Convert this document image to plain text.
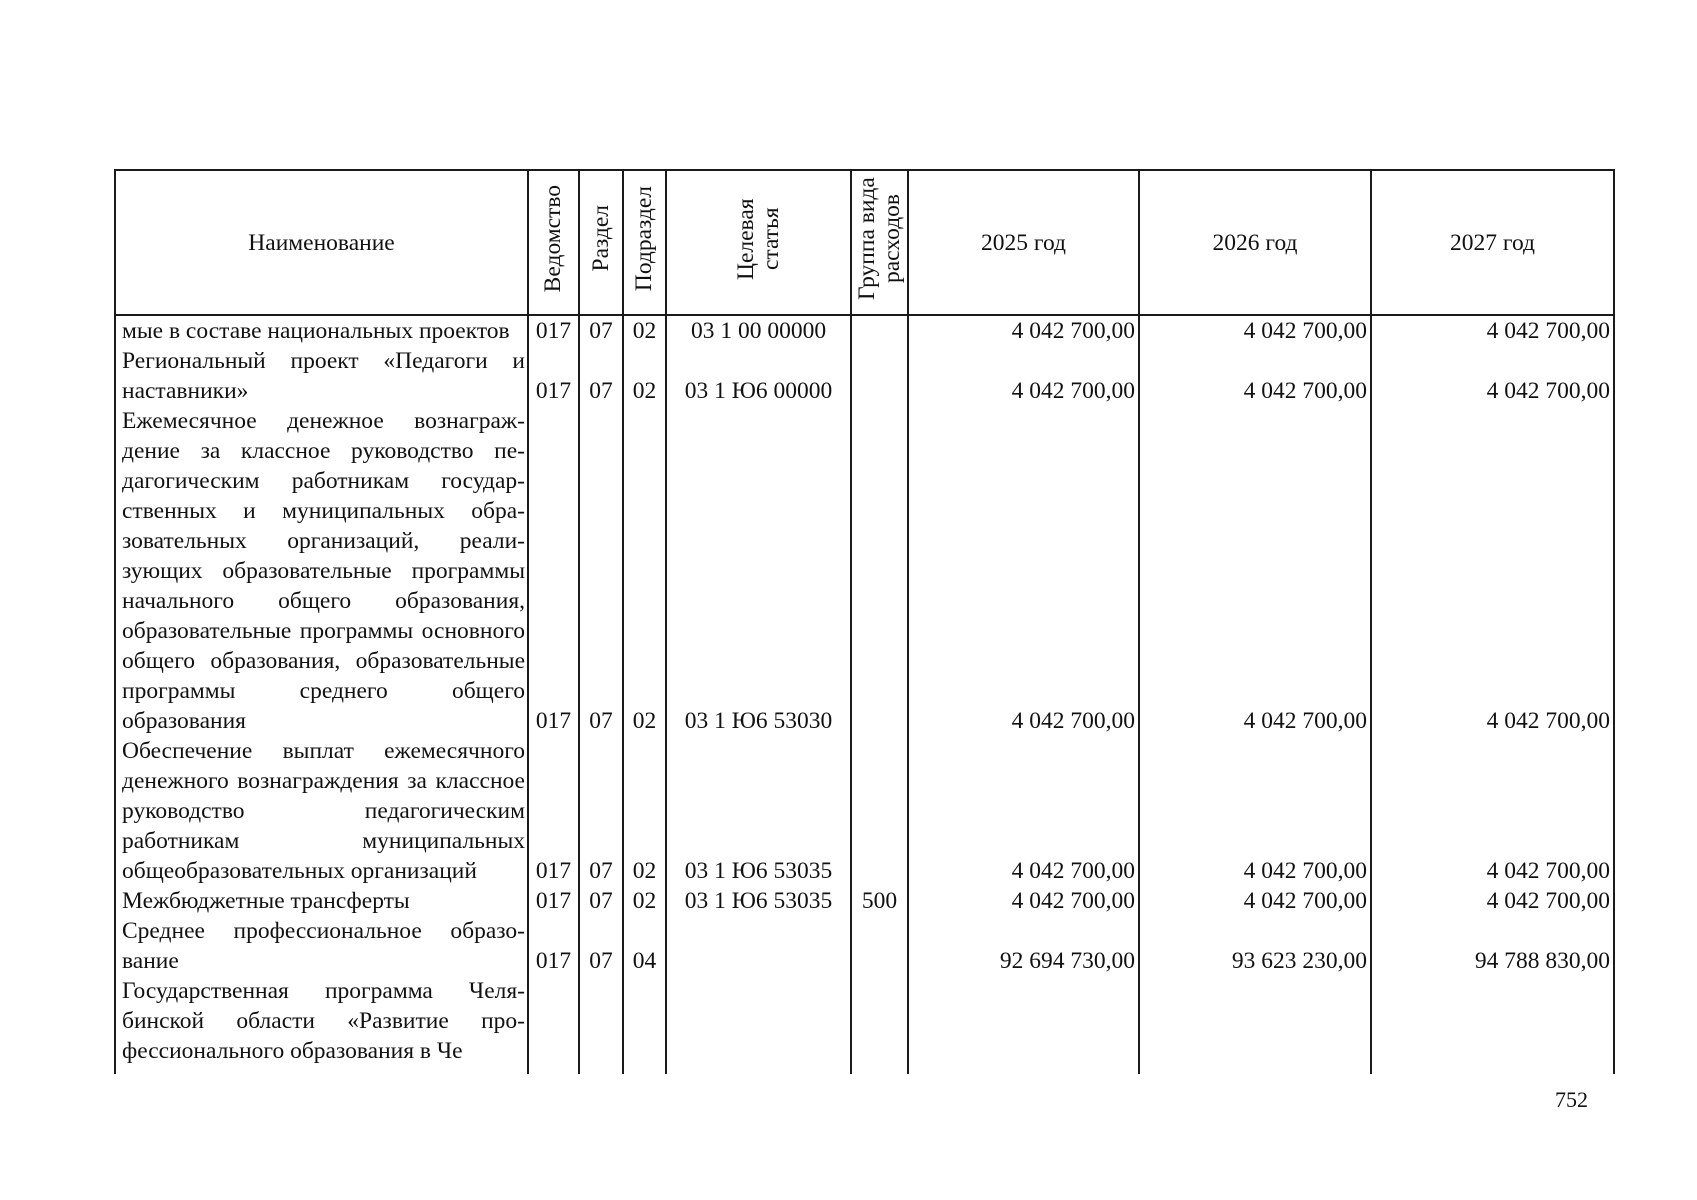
Наименование	Ведомство	Раздел	Подраздел	Целевая статья	Группа вида расходов	2025 год	2026 год	2027 год
мые в составе национальных проектов	017	07	02	03 1 00 00000		4 042 700,00	4 042 700,00	4 042 700,00
Региональный проект «Педагоги и наставники»	017	07	02	03 1 Ю6 00000		4 042 700,00	4 042 700,00	4 042 700,00
Ежемесячное денежное вознаграждение за классное руководство педагогическим работникам государственных и муниципальных образовательных организаций, реализующих образовательные программы начального общего образования, образовательные программы основного общего образования, образовательные программы среднего общего образования	017	07	02	03 1 Ю6 53030		4 042 700,00	4 042 700,00	4 042 700,00
Обеспечение выплат ежемесячного денежного вознаграждения за классное руководство педагогическим работникам муниципальных общеобразовательных организаций	017	07	02	03 1 Ю6 53035		4 042 700,00	4 042 700,00	4 042 700,00
Межбюджетные трансферты	017	07	02	03 1 Ю6 53035	500	4 042 700,00	4 042 700,00	4 042 700,00
Среднее профессиональное образование	017	07	04			92 694 730,00	93 623 230,00	94 788 830,00
Государственная программа Челябинской области «Развитие профессионального образования в Че								
752
